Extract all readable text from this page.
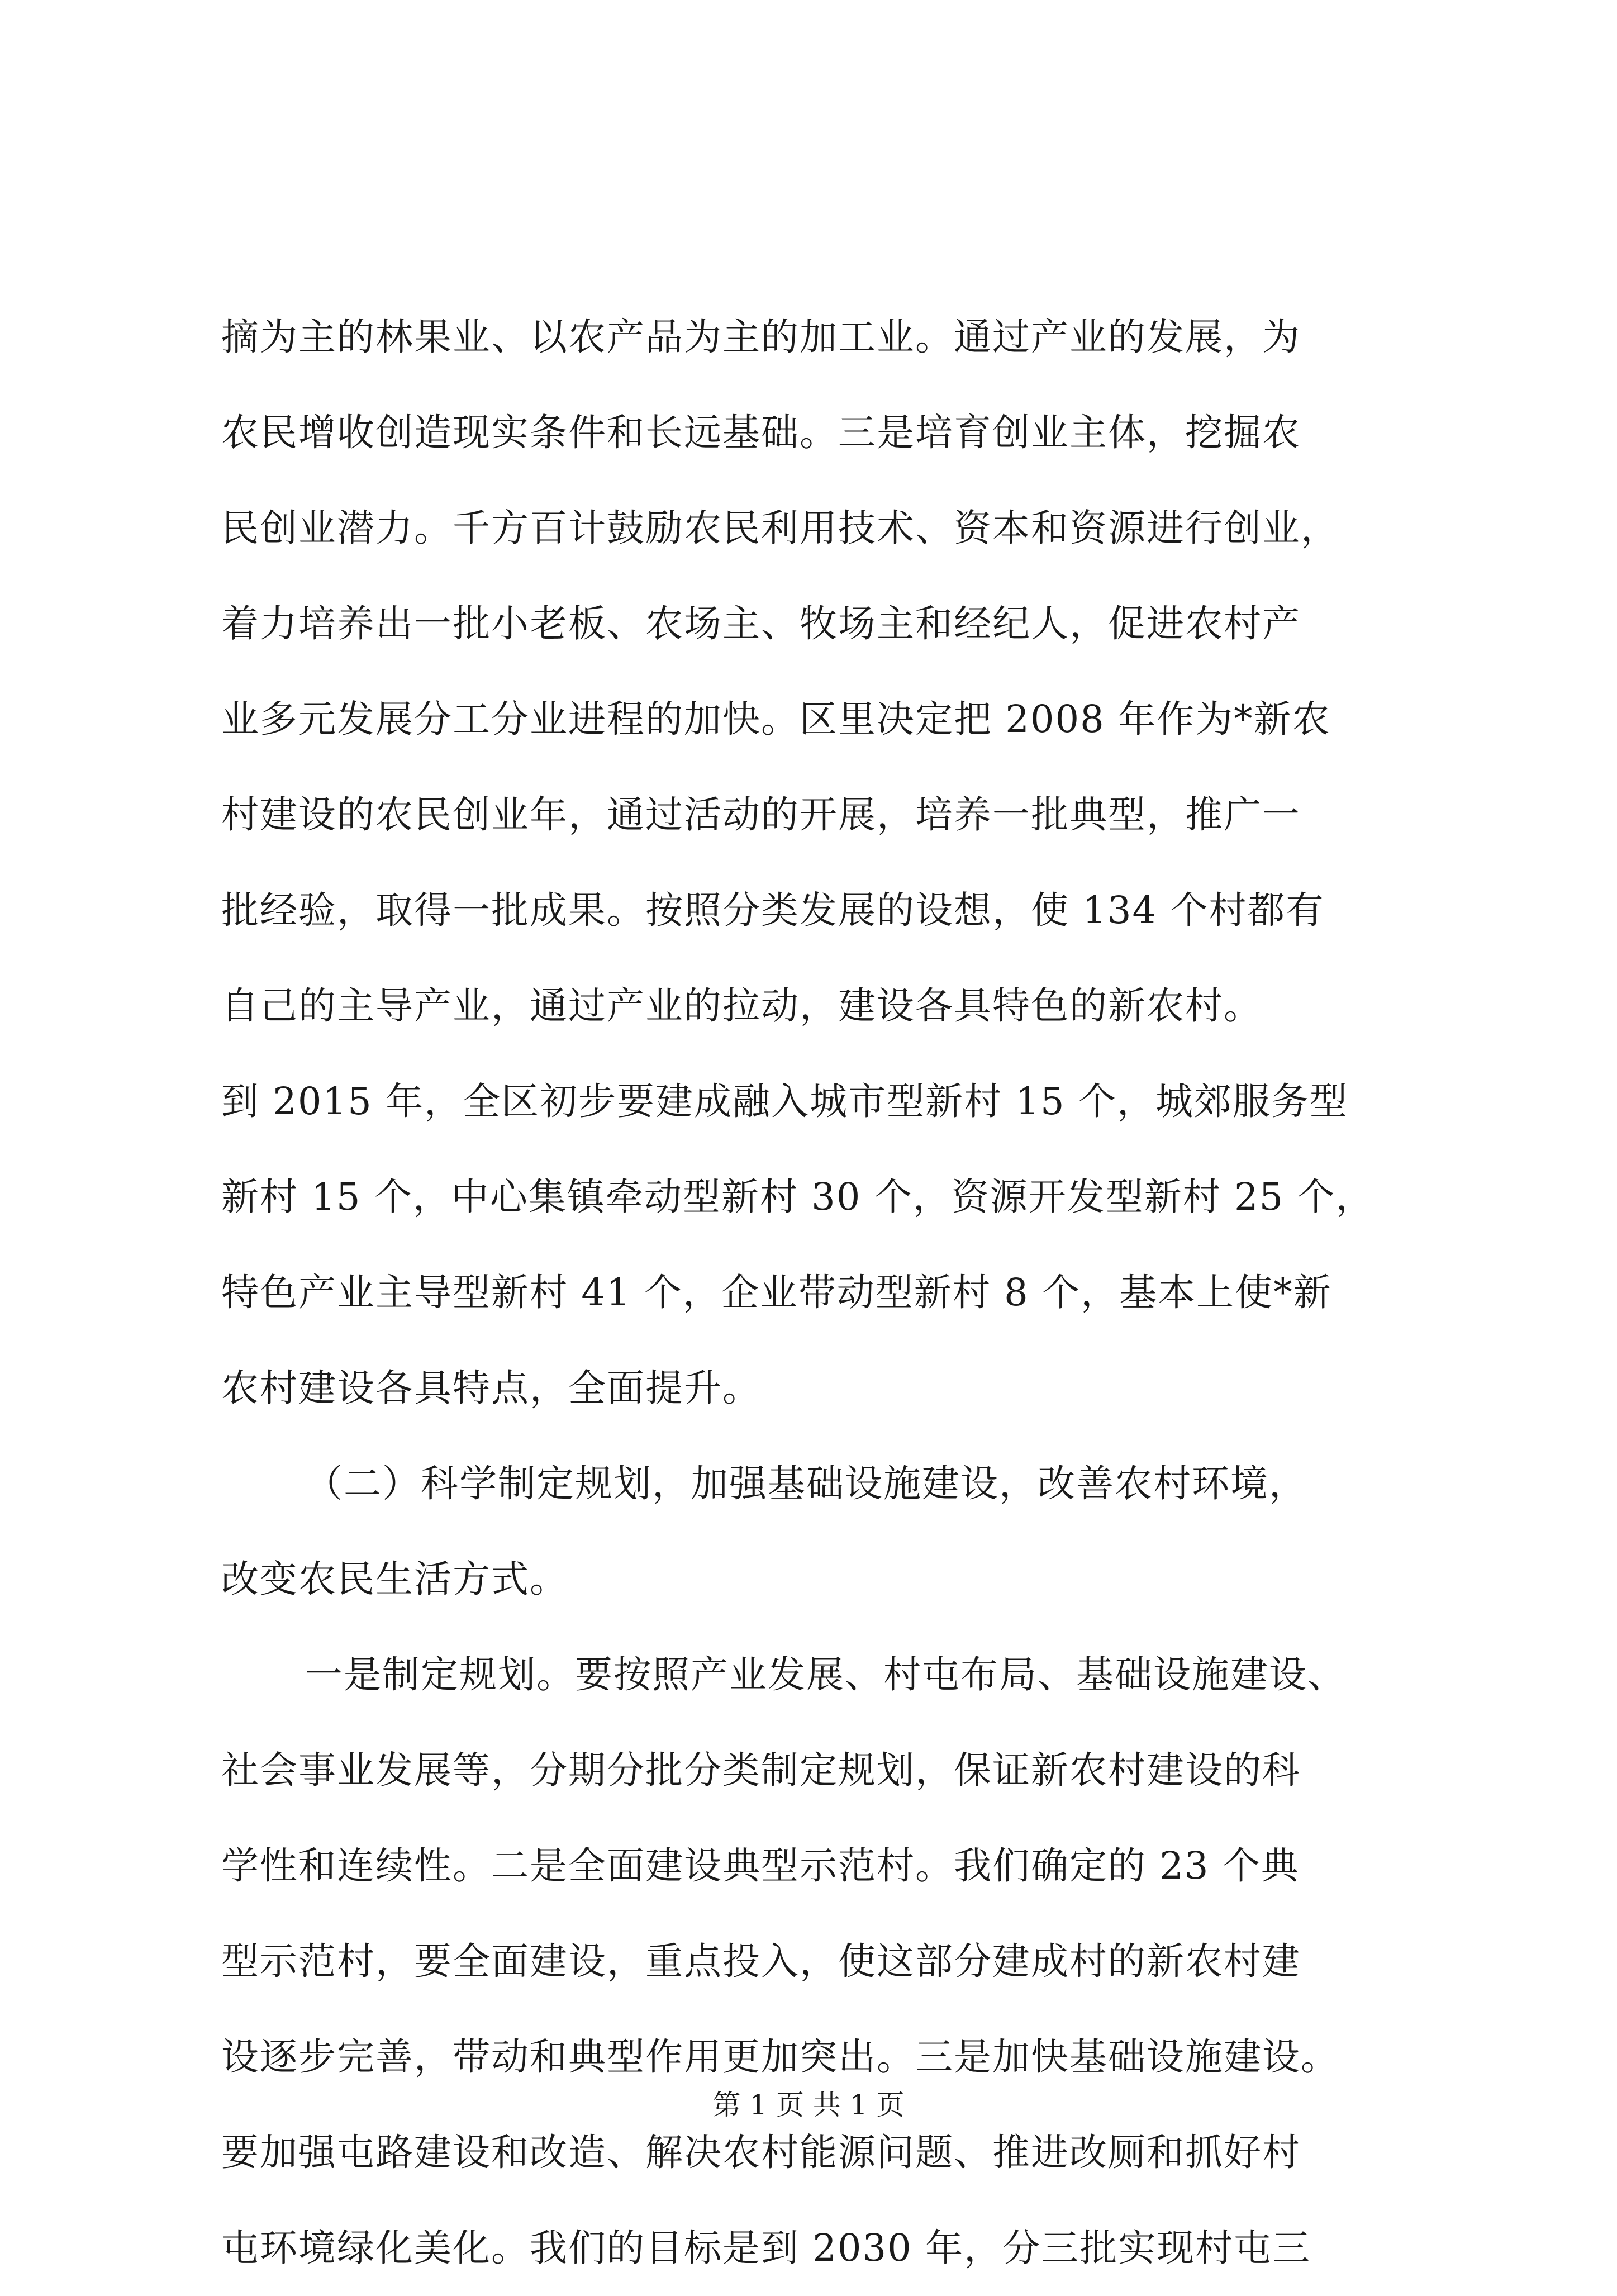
摘为主的林果业、以农产品为主的加工业。通过产业的发展，为
农民增收创造现实条件和长远基础。三是培育创业主体，挖掘农
民创业潜力。千方百计鼓励农民利用技术、资本和资源进行创业，
着力培养出一批小老板、农场主、牧场主和经纪人，促进农村产
业多元发展分工分业进程的加快。区里决定把 2008 年作为*新农
村建设的农民创业年，通过活动的开展，培养一批典型，推广一
批经验，取得一批成果。按照分类发展的设想，使 134 个村都有
自己的主导产业，通过产业的拉动，建设各具特色的新农村。
到 2015 年，全区初步要建成融入城市型新村 15 个，城郊服务型
新村 15 个，中心集镇牵动型新村 30 个，资源开发型新村 25 个，
特色产业主导型新村 41 个，企业带动型新村 8 个，基本上使*新
农村建设各具特点，全面提升。
（二）科学制定规划，加强基础设施建设，改善农村环境，
改变农民生活方式。
一是制定规划。要按照产业发展、村屯布局、基础设施建设、
社会事业发展等，分期分批分类制定规划，保证新农村建设的科
学性和连续性。二是全面建设典型示范村。我们确定的 23 个典
型示范村，要全面建设，重点投入，使这部分建成村的新农村建
设逐步完善，带动和典型作用更加突出。三是加快基础设施建设。
要加强屯路建设和改造、解决农村能源问题、推进改厕和抓好村
屯环境绿化美化。我们的目标是到 2030 年，分三批实现村屯三
第 1 页 共 1 页
